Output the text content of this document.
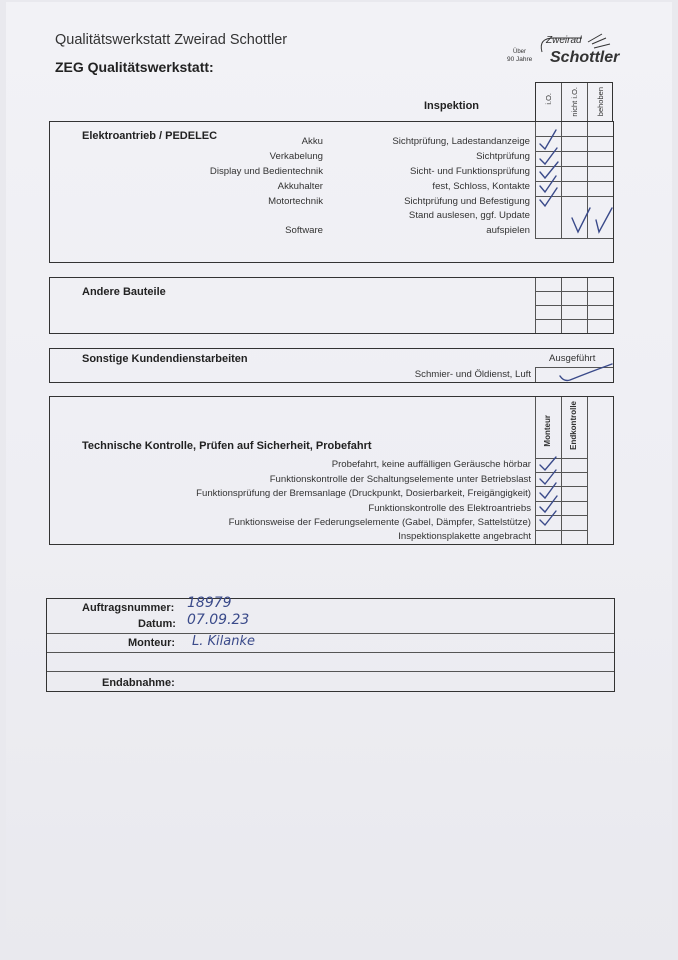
Qualitätswerkstatt Zweirad Schottler
ZEG Qualitätswerkstatt:
Zweirad
Schottler
Über
90 Jahre
Inspektion
i.O. nicht i.O. behoben
Elektroantrieb / PEDELEC	Akku
Verkabelung
Display und Bedientechnik
Akkuhalter
Motortechnik
Software
Sichtprüfung, Ladestandanzeige
Sichtprüfung
Sicht- und Funktionsprüfung
fest, Schloss, Kontakte
Sichtprüfung und Befestigung
Stand auslesen, ggf. Update
aufspielen
Andere Bauteile
Sonstige Kundendienstarbeiten	Ausgeführt
Schmier- und Öldienst, Luft
Monteur Endkontrolle
Technische Kontrolle, Prüfen auf Sicherheit, Probefahrt
Probefahrt, keine auffälligen Geräusche hörbar
Funktionskontrolle der Schaltungselemente unter Betriebslast
Funktionsprüfung der Bremsanlage (Druckpunkt, Dosierbarkeit, Freigängigkeit)
Funktionskontrolle des Elektroantriebs
Funktionsweise der Federungselemente (Gabel, Dämpfer, Sattelstütze)
Inspektionsplakette angebracht
Auftragsnummer: 18979
Datum: 07.09.23
Monteur: L. Kilanke
Endabnahme:
